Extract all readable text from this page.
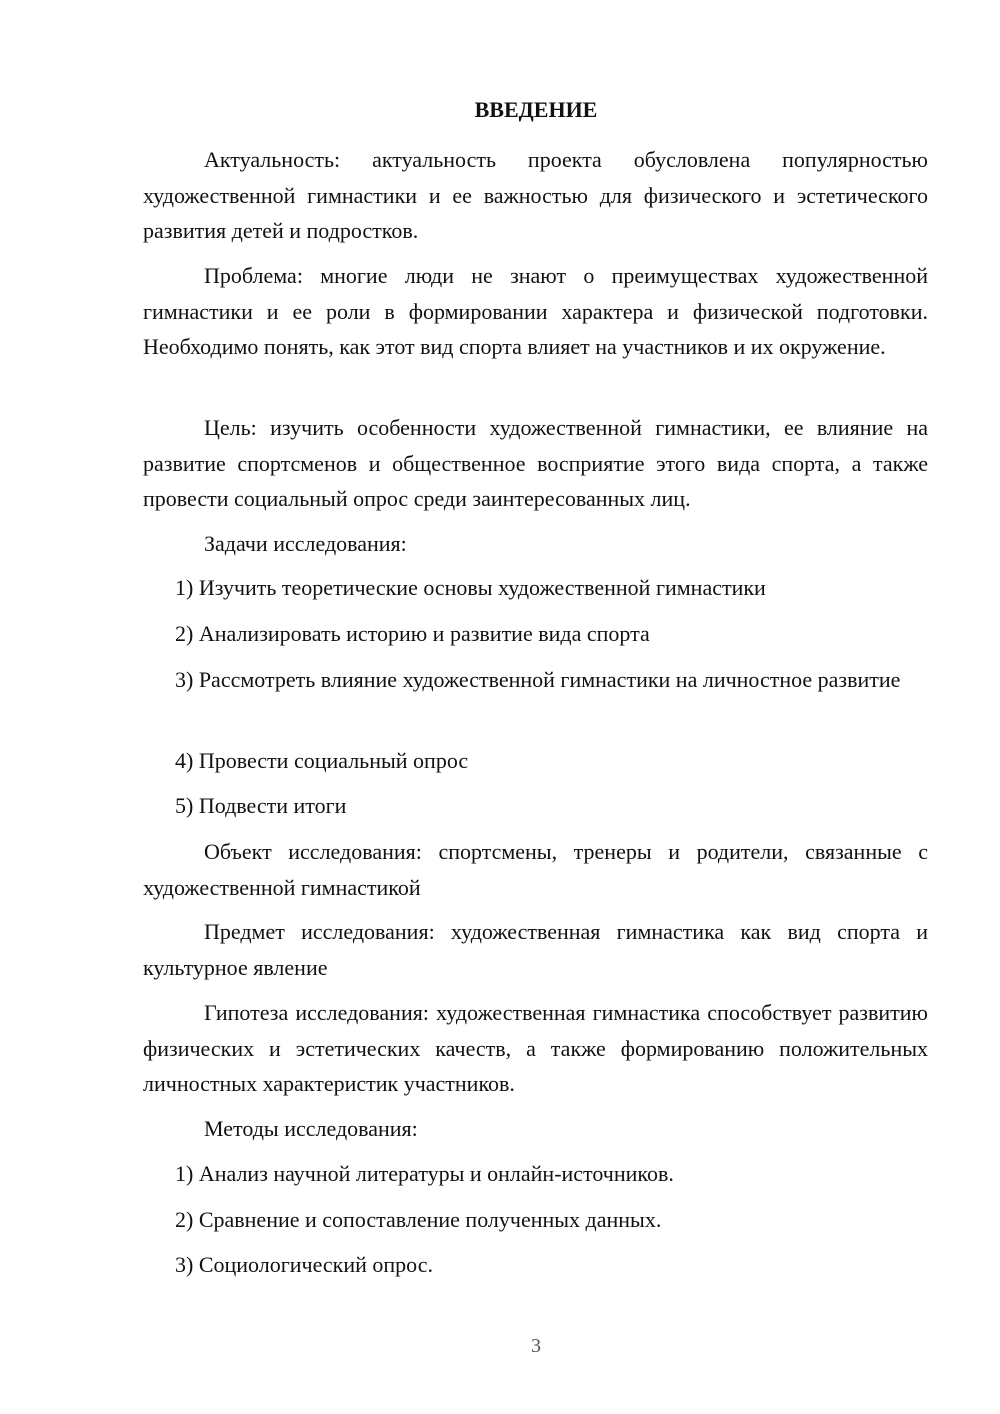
ВВЕДЕНИЕ

Актуальность: актуальность проекта обусловлена популярностью художественной гимнастики и ее важностью для физического и эстетического развития детей и подростков.

Проблема: многие люди не знают о преимуществах художественной гимнастики и ее роли в формировании характера и физической подготовки. Необходимо понять, как этот вид спорта влияет на участников и их окружение.

Цель: изучить особенности художественной гимнастики, ее влияние на развитие спортсменов и общественное восприятие этого вида спорта, а также провести социальный опрос среди заинтересованных лиц.

Задачи исследования:

1) Изучить теоретические основы художественной гимнастики

2) Анализировать историю и развитие вида спорта

3) Рассмотреть влияние художественной гимнастики на личностное развитие

4) Провести социальный опрос

5) Подвести итоги

Объект исследования: спортсмены, тренеры и родители, связанные с художественной гимнастикой

Предмет исследования: художественная гимнастика как вид спорта и культурное явление

Гипотеза исследования: художественная гимнастика способствует развитию физических и эстетических качеств, а также формированию положительных личностных характеристик участников.

Методы исследования:

1) Анализ научной литературы и онлайн-источников.

2) Сравнение и сопоставление полученных данных.

3) Социологический опрос.

3
